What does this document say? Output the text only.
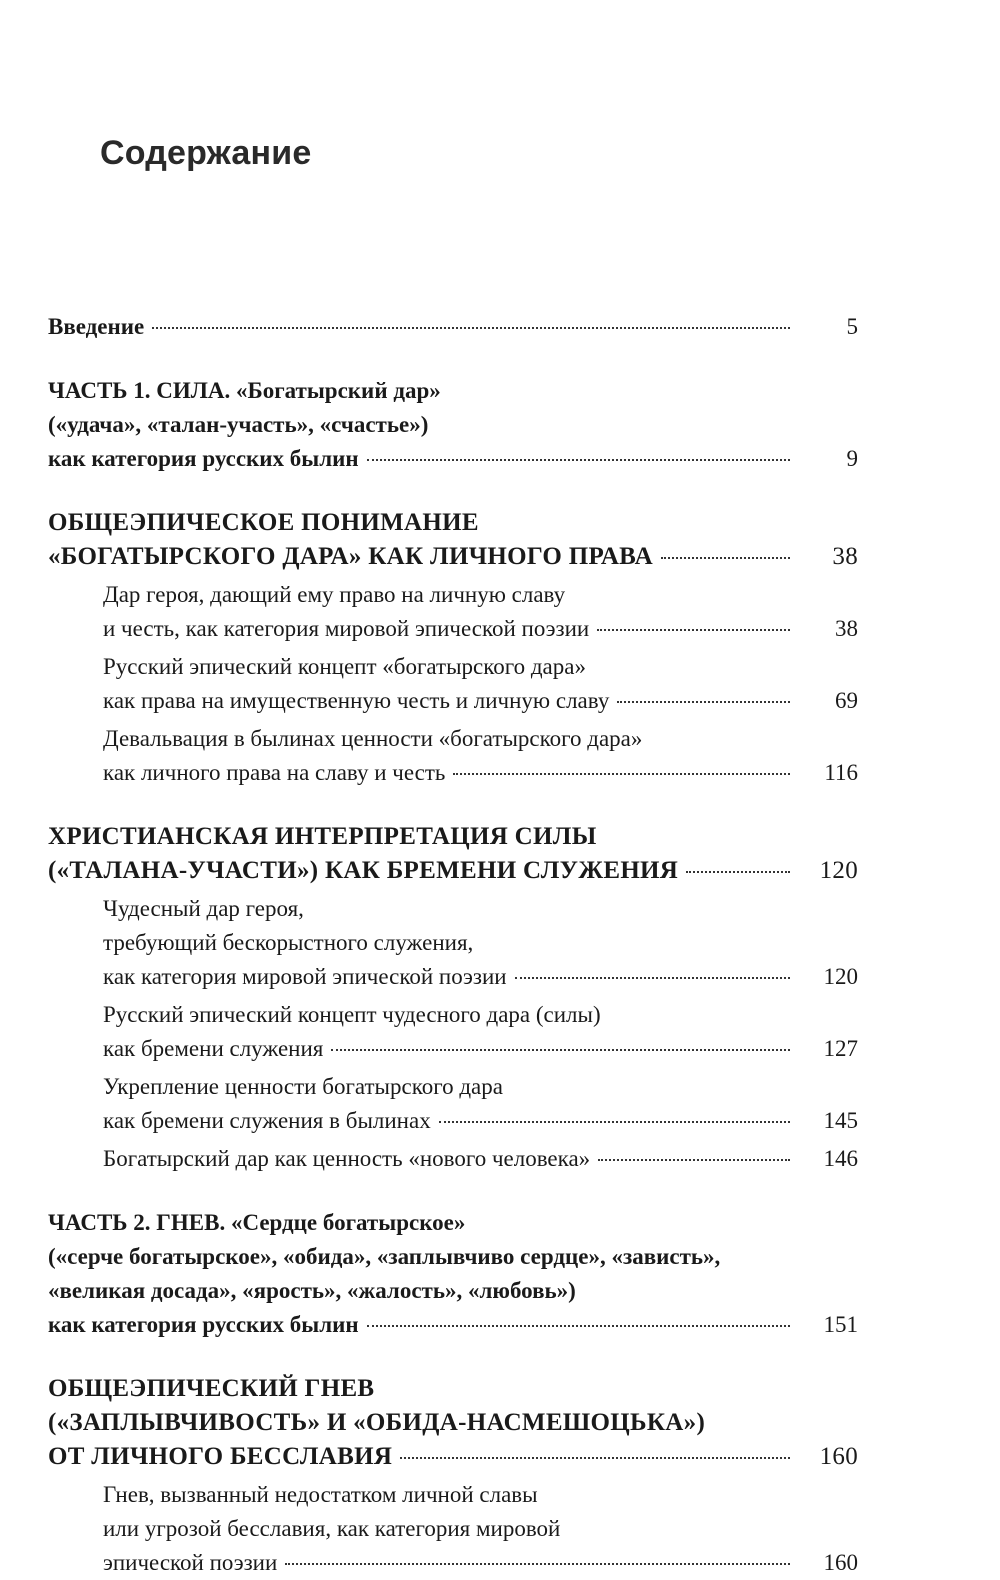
Содержание
Введение	5
ЧАСТЬ 1. СИЛА. «Богатырский дар»
(«удача», «талан-участь», «счастье»)
как категория русских былин	9
ОБЩЕЭПИЧЕСКОЕ ПОНИМАНИЕ
«БОГАТЫРСКОГО ДАРА» КАК ЛИЧНОГО ПРАВА	38
Дар героя, дающий ему право на личную славу
и честь, как категория мировой эпической поэзии	38
Русский эпический концепт «богатырского дара»
как права на имущественную честь и личную славу	69
Девальвация в былинах ценности «богатырского дара»
как личного права на славу и честь	116
ХРИСТИАНСКАЯ ИНТЕРПРЕТАЦИЯ СИЛЫ
(«ТАЛАНА-УЧАСТИ») КАК БРЕМЕНИ СЛУЖЕНИЯ	120
Чудесный дар героя,
требующий бескорыстного служения,
как категория мировой эпической поэзии	120
Русский эпический концепт чудесного дара (силы)
как бремени служения	127
Укрепление ценности богатырского дара
как бремени служения в былинах	145
Богатырский дар как ценность «нового человека»	146
ЧАСТЬ 2. ГНЕВ. «Сердце богатырское»
(«серче богатырское», «обида», «заплывчиво сердце», «зависть»,
«великая досада», «ярость», «жалость», «любовь»)
как категория русских былин	151
ОБЩЕЭПИЧЕСКИЙ ГНЕВ
(«ЗАПЛЫВЧИВОСТЬ» И «ОБИДА-НАСМЕШОЦЬКА»)
ОТ ЛИЧНОГО БЕССЛАВИЯ	160
Гнев, вызванный недостатком личной славы
или угрозой бесславия, как категория мировой
эпической поэзии	160
